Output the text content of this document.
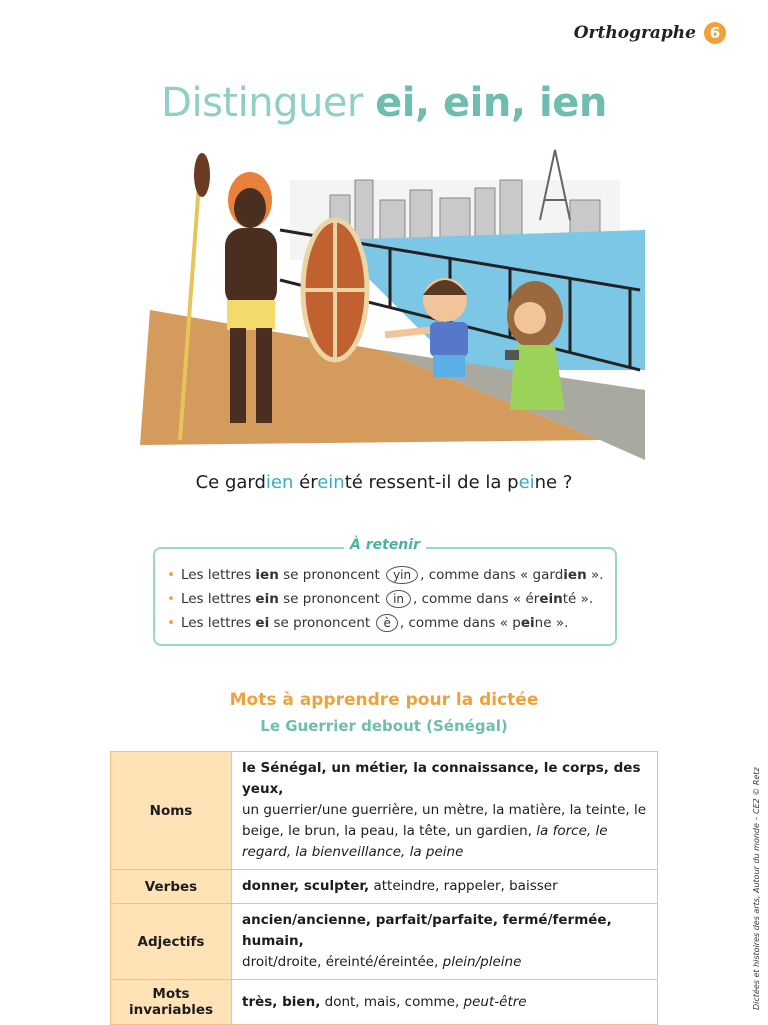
Orthographe 6
Distinguer ei, ein, ien
Ce gardien éreinté ressent-il de la peine ?
À retenir
• Les lettres ien se prononcent yin , comme dans « gardien ».
• Les lettres ein se prononcent in , comme dans « éreinté ».
• Les lettres ei se prononcent è , comme dans « peine ».
Mots à apprendre pour la dictée
Le Guerrier debout (Sénégal)
Noms	le Sénégal, un métier, la connaissance, le corps, des yeux,
un guerrier/une guerrière, un mètre, la matière, la teinte, le beige, le brun, la peau, la tête, un gardien, la force, le regard, la bienveillance, la peine
Verbes	donner, sculpter, atteindre, rappeler, baisser
Adjectifs	ancien/ancienne, parfait/parfaite, fermé/fermée, humain,
droit/droite, éreinté/éreintée, plein/pleine
Mots invariables	très, bien, dont, mais, comme, peut-être	Dictées et histoires des arts, Autour du monde – CE2 © Retz
